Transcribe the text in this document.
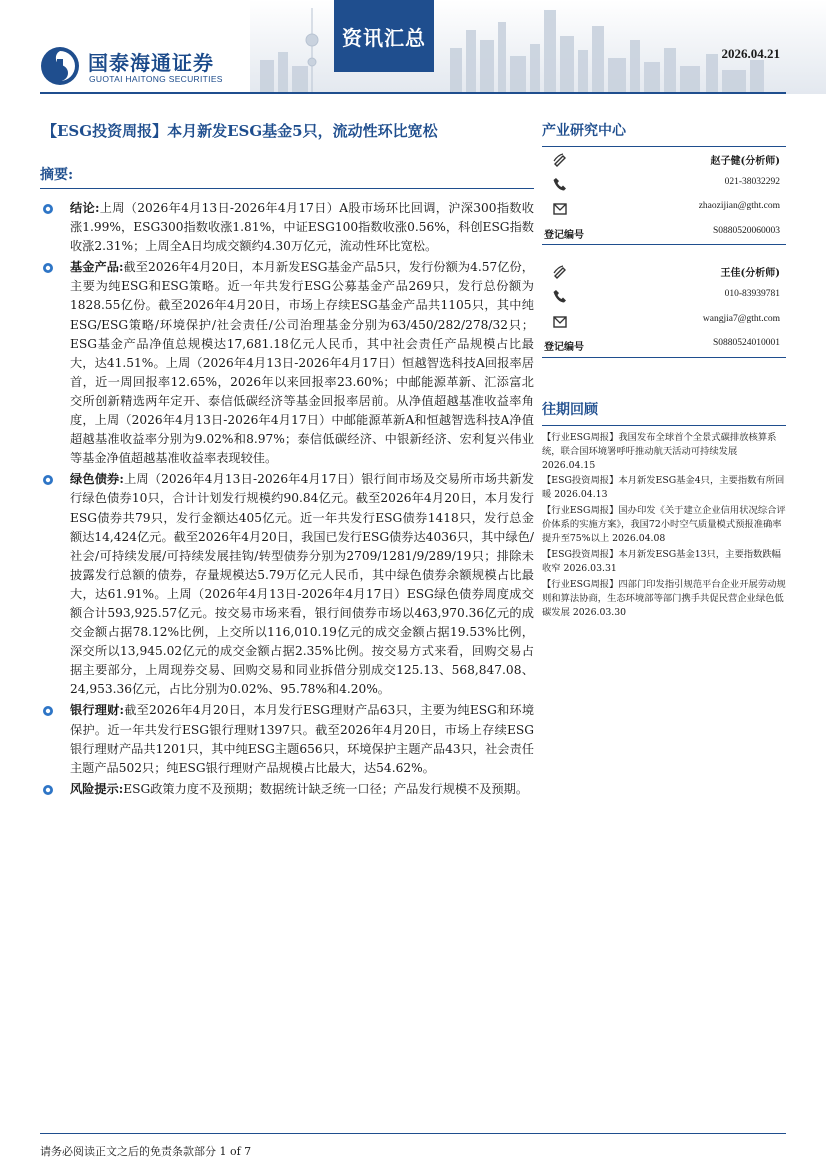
国泰海通证券
GUOTAI HAITONG SECURITIES
资讯汇总
2026.04.21
【ESG投资周报】本月新发ESG基金5只，流动性环比宽松
摘要:
结论:上周（2026年4月13日-2026年4月17日）A股市场环比回调，沪深300指数收涨1.99%，ESG300指数收涨1.81%，中证ESG100指数收涨0.56%，科创ESG指数收涨2.31%；上周全A日均成交额约4.30万亿元，流动性环比宽松。
基金产品:截至2026年4月20日，本月新发ESG基金产品5只，发行份额为4.57亿份，主要为纯ESG和ESG策略。近一年共发行ESG公募基金产品269只，发行总份额为1828.55亿份。截至2026年4月20日，市场上存续ESG基金产品共1105只，其中纯ESG/ESG策略/环境保护/社会责任/公司治理基金分别为63/450/282/278/32只；ESG基金产品净值总规模达17,681.18亿元人民币，其中社会责任产品规模占比最大，达41.51%。上周（2026年4月13日-2026年4月17日）恒越智选科技A回报率居首，近一周回报率12.65%，2026年以来回报率23.60%；中邮能源革新、汇添富北交所创新精选两年定开、泰信低碳经济等基金回报率居前。从净值超越基准收益率角度，上周（2026年4月13日-2026年4月17日）中邮能源革新A和恒越智选科技A净值超越基准收益率分别为9.02%和8.97%；泰信低碳经济、中银新经济、宏利复兴伟业等基金净值超越基准收益率表现较佳。
绿色债券:上周（2026年4月13日-2026年4月17日）银行间市场及交易所市场共新发行绿色债券10只，合计计划发行规模约90.84亿元。截至2026年4月20日，本月发行ESG债券共79只，发行金额达405亿元。近一年共发行ESG债券1418只，发行总金额达14,424亿元。截至2026年4月20日，我国已发行ESG债券达4036只，其中绿色/社会/可持续发展/可持续发展挂钩/转型债券分别为2709/1281/9/289/19只；排除未披露发行总额的债券，存量规模达5.79万亿元人民币，其中绿色债券余额规模占比最大，达61.91%。上周（2026年4月13日-2026年4月17日）ESG绿色债券周度成交额合计593,925.57亿元。按交易市场来看，银行间债券市场以463,970.36亿元的成交金额占据78.12%比例，上交所以116,010.19亿元的成交金额占据19.53%比例，深交所以13,945.02亿元的成交金额占据2.35%比例。按交易方式来看，回购交易占据主要部分，上周现券交易、回购交易和同业拆借分别成交125.13、568,847.08、24,953.36亿元，占比分别为0.02%、95.78%和4.20%。
银行理财:截至2026年4月20日，本月发行ESG理财产品63只，主要为纯ESG和环境保护。近一年共发行ESG银行理财1397只。截至2026年4月20日，市场上存续ESG银行理财产品共1201只，其中纯ESG主题656只，环境保护主题产品43只，社会责任主题产品502只；纯ESG银行理财产品规模占比最大，达54.62%。
风险提示:ESG政策力度不及预期；数据统计缺乏统一口径；产品发行规模不及预期。
产业研究中心
赵子健(分析师)
021-38032292
zhaozijian@gtht.com
登记编号	S0880520060003
王佳(分析师)
010-83939781
wangjia7@gtht.com
登记编号	S0880524010001
往期回顾
【行业ESG周报】我国发布全球首个全景式碳排放核算系统，联合国环境署呼吁推动航天活动可持续发展 2026.04.15
【ESG投资周报】本月新发ESG基金4只，主要指数有所回暖 2026.04.13
【行业ESG周报】国办印发《关于建立企业信用状况综合评价体系的实施方案》，我国72小时空气质量模式预报准确率提升至75%以上 2026.04.08
【ESG投资周报】本月新发ESG基金13只，主要指数跌幅收窄 2026.03.31
【行业ESG周报】四部门印发指引规范平台企业开展劳动规则和算法协商，生态环境部等部门携手共促民营企业绿色低碳发展 2026.03.30
请务必阅读正文之后的免责条款部分 1 of 7
